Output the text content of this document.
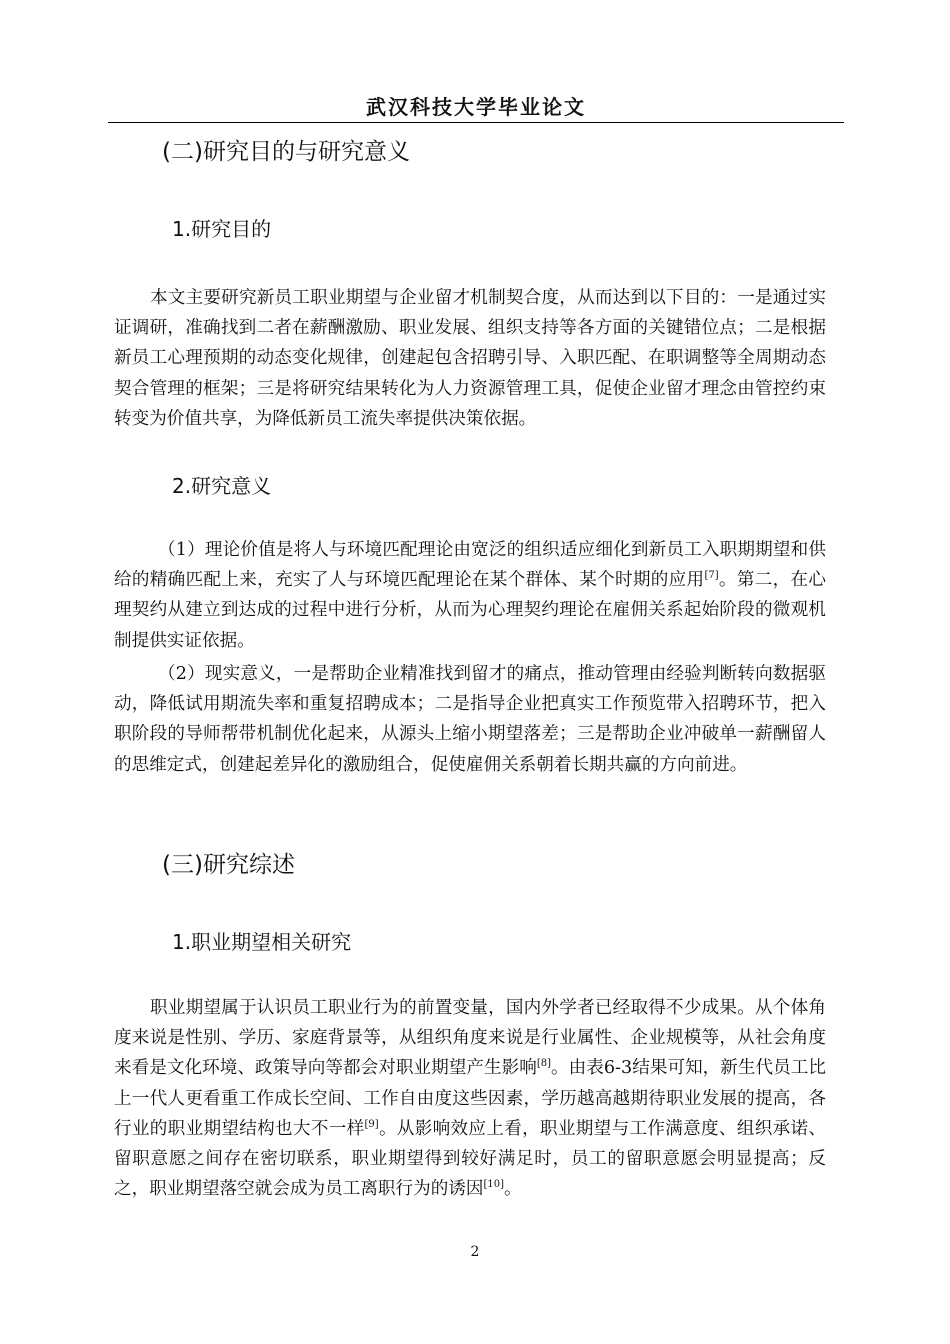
武汉科技大学毕业论文
(二)研究目的与研究意义
1.研究目的

本文主要研究新员工职业期望与企业留才机制契合度，从而达到以下目的：一是通过实证调研，准确找到二者在薪酬激励、职业发展、组织支持等各方面的关键错位点；二是根据新员工心理预期的动态变化规律，创建起包含招聘引导、入职匹配、在职调整等全周期动态契合管理的框架；三是将研究结果转化为人力资源管理工具，促使企业留才理念由管控约束转变为价值共享，为降低新员工流失率提供决策依据。

2.研究意义

（1）理论价值是将人与环境匹配理论由宽泛的组织适应细化到新员工入职期期望和供给的精确匹配上来，充实了人与环境匹配理论在某个群体、某个时期的应用[7]。第二，在心理契约从建立到达成的过程中进行分析，从而为心理契约理论在雇佣关系起始阶段的微观机制提供实证依据。

（2）现实意义，一是帮助企业精准找到留才的痛点，推动管理由经验判断转向数据驱动，降低试用期流失率和重复招聘成本；二是指导企业把真实工作预览带入招聘环节，把入职阶段的导师帮带机制优化起来，从源头上缩小期望落差；三是帮助企业冲破单一薪酬留人的思维定式，创建起差异化的激励组合，促使雇佣关系朝着长期共赢的方向前进。

(三)研究综述
1.职业期望相关研究

职业期望属于认识员工职业行为的前置变量，国内外学者已经取得不少成果。从个体角度来说是性别、学历、家庭背景等，从组织角度来说是行业属性、企业规模等，从社会角度来看是文化环境、政策导向等都会对职业期望产生影响[8]。由表6-3结果可知，新生代员工比上一代人更看重工作成长空间、工作自由度这些因素，学历越高越期待职业发展的提高，各行业的职业期望结构也大不一样[9]。从影响效应上看，职业期望与工作满意度、组织承诺、留职意愿之间存在密切联系，职业期望得到较好满足时，员工的留职意愿会明显提高；反之，职业期望落空就会成为员工离职行为的诱因[10]。

2
